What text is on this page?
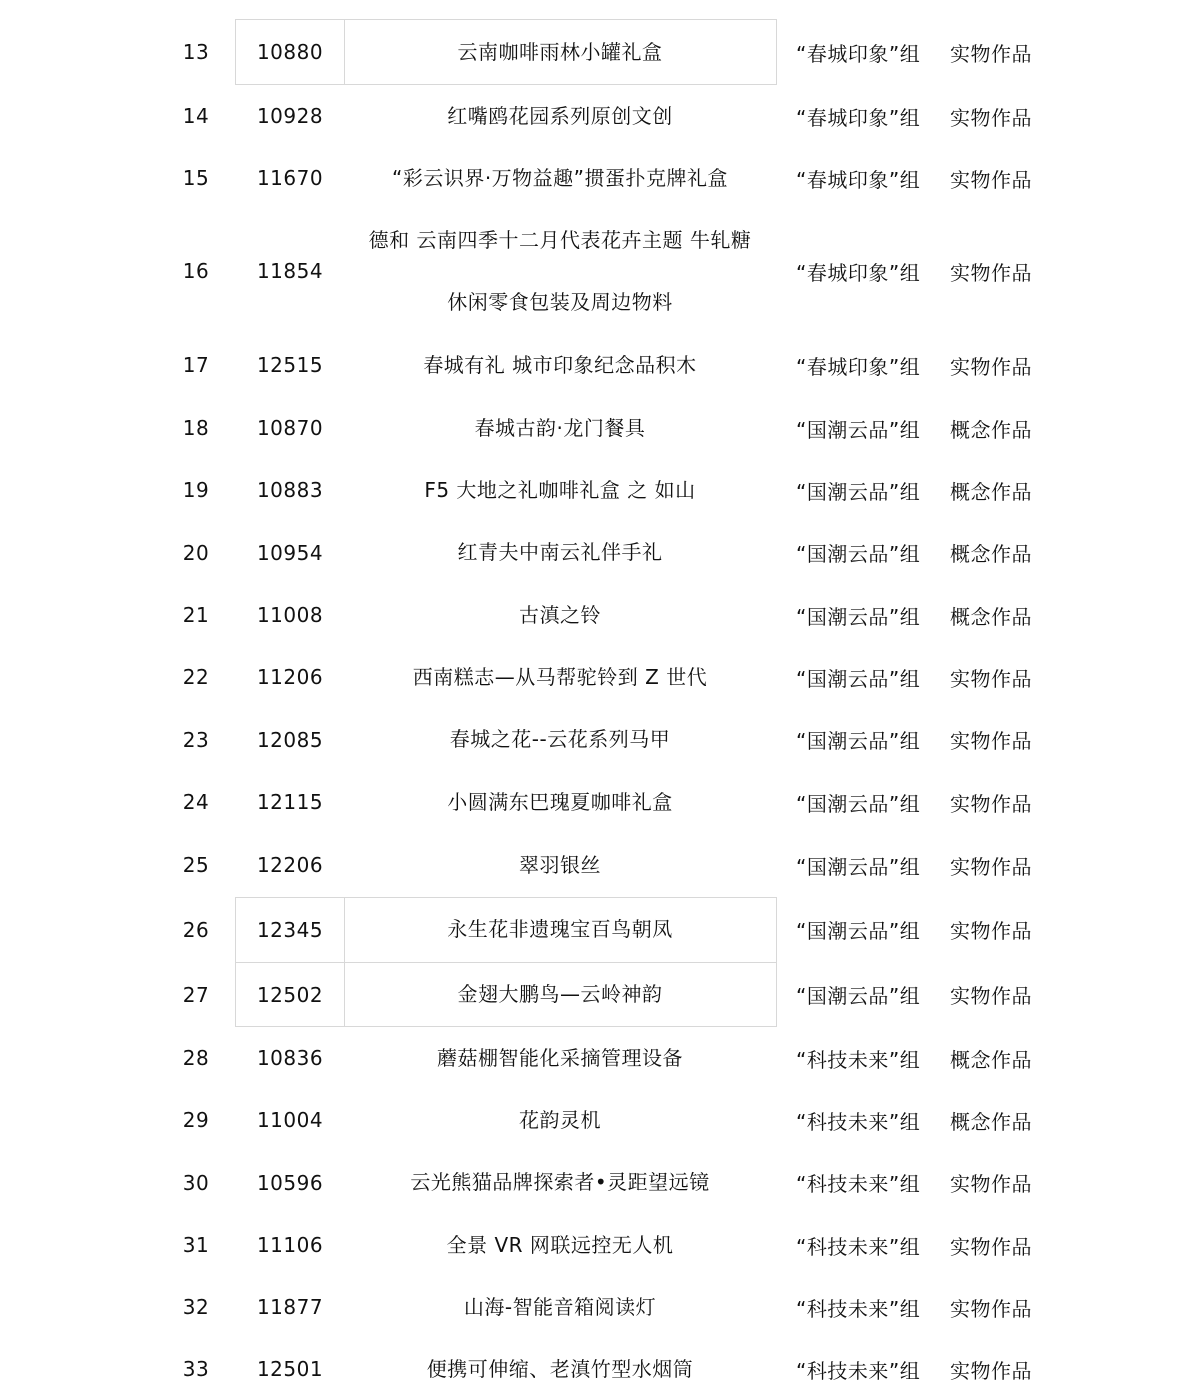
13	10880	云南咖啡雨林小罐礼盒	“春城印象”组	实物作品
14	10928	红嘴鸥花园系列原创文创	“春城印象”组	实物作品
15	11670	“彩云识界·万物益趣”掼蛋扑克牌礼盒	“春城印象”组	实物作品
16	11854
德和 云南四季十二月代表花卉主题 牛轧糖
休闲零食包装及周边物料
“春城印象”组	实物作品
17	12515	春城有礼 城市印象纪念品积木	“春城印象”组	实物作品
18	10870	春城古韵·龙门餐具	“国潮云品”组	概念作品
19	10883	F5 大地之礼咖啡礼盒 之 如山	“国潮云品”组	概念作品
20	10954	红青夫中南云礼伴手礼	“国潮云品”组	概念作品
21	11008	古滇之铃	“国潮云品”组	概念作品
22	11206	西南糕志—从马帮驼铃到 Z 世代	“国潮云品”组	实物作品
23	12085	春城之花--云花系列马甲	“国潮云品”组	实物作品
24	12115	小圆满东巴瑰夏咖啡礼盒	“国潮云品”组	实物作品
25	12206	翠羽银丝	“国潮云品”组	实物作品
26	12345	永生花非遗瑰宝百鸟朝凤	“国潮云品”组	实物作品
27	12502	金翅大鹏鸟—云岭神韵	“国潮云品”组	实物作品
28	10836	蘑菇棚智能化采摘管理设备	“科技未来”组	概念作品
29	11004	花韵灵机	“科技未来”组	概念作品
30	10596	云光熊猫品牌探索者•灵距望远镜	“科技未来”组	实物作品
31	11106	全景 VR 网联远控无人机	“科技未来”组	实物作品
32	11877	山海-智能音箱阅读灯	“科技未来”组	实物作品
33	12501	便携可伸缩、老滇竹型水烟筒	“科技未来”组	实物作品
